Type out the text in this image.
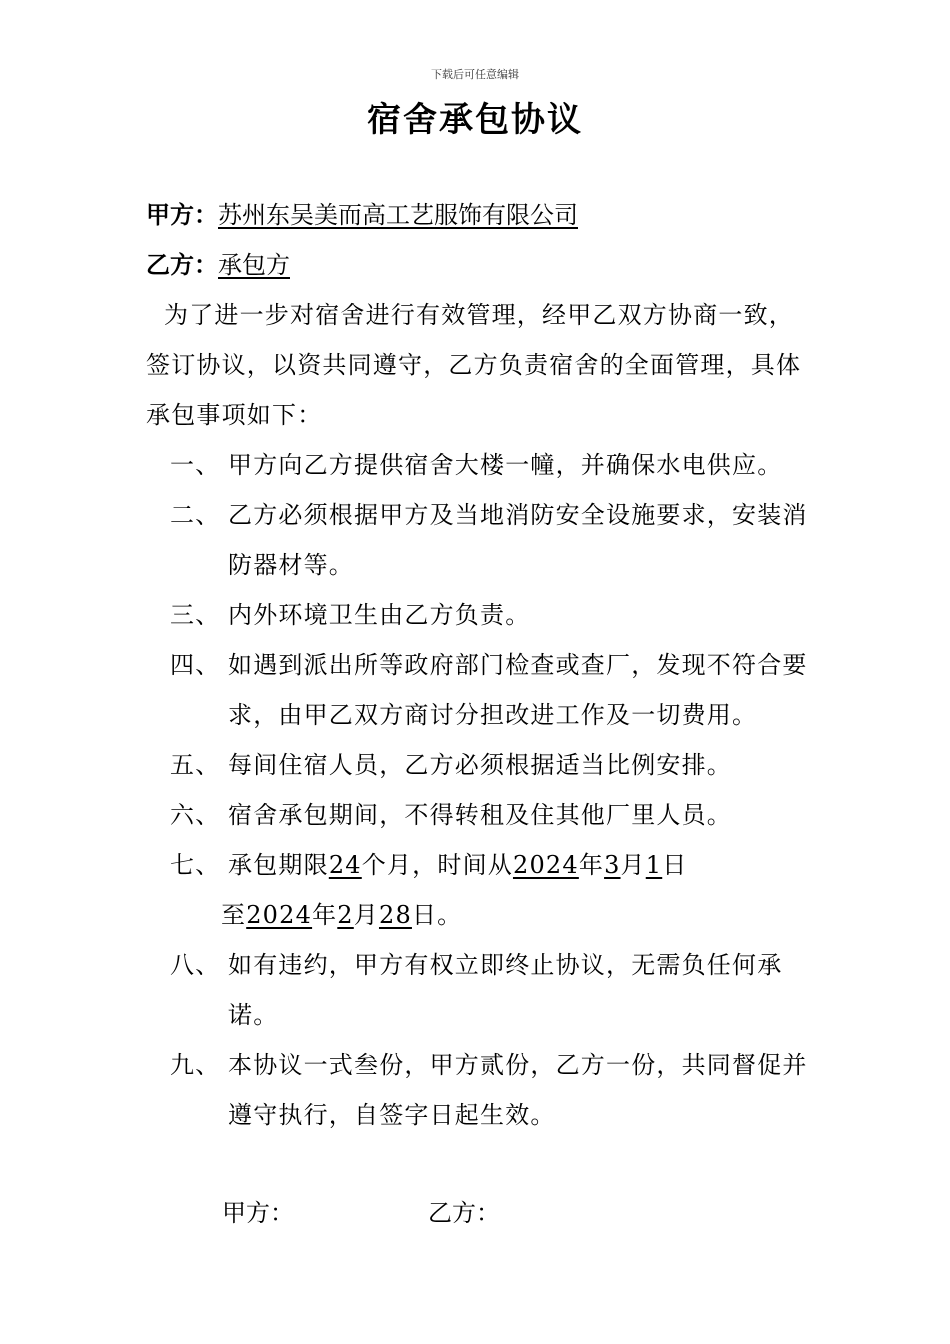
下载后可任意编辑
宿舍承包协议
甲方：苏州东吴美而高工艺服饰有限公司
乙方：承包方
为了进一步对宿舍进行有效管理，经甲乙双方协商一致，签订协议，以资共同遵守，乙方负责宿舍的全面管理，具体承包事项如下：
一、 甲方向乙方提供宿舍大楼一幢，并确保水电供应。
二、 乙方必须根据甲方及当地消防安全设施要求，安装消防器材等。
三、 内外环境卫生由乙方负责。
四、 如遇到派出所等政府部门检查或查厂，发现不符合要求，由甲乙双方商讨分担改进工作及一切费用。
五、 每间住宿人员，乙方必须根据适当比例安排。
六、 宿舍承包期间，不得转租及住其他厂里人员。
七、 承包期限24个月，时间从2024年3月1日
至2024年2月28日。
八、 如有违约，甲方有权立即终止协议，无需负任何承诺。
九、 本协议一式叁份，甲方贰份，乙方一份，共同督促并遵守执行，自签字日起生效。
甲方：	乙方：
